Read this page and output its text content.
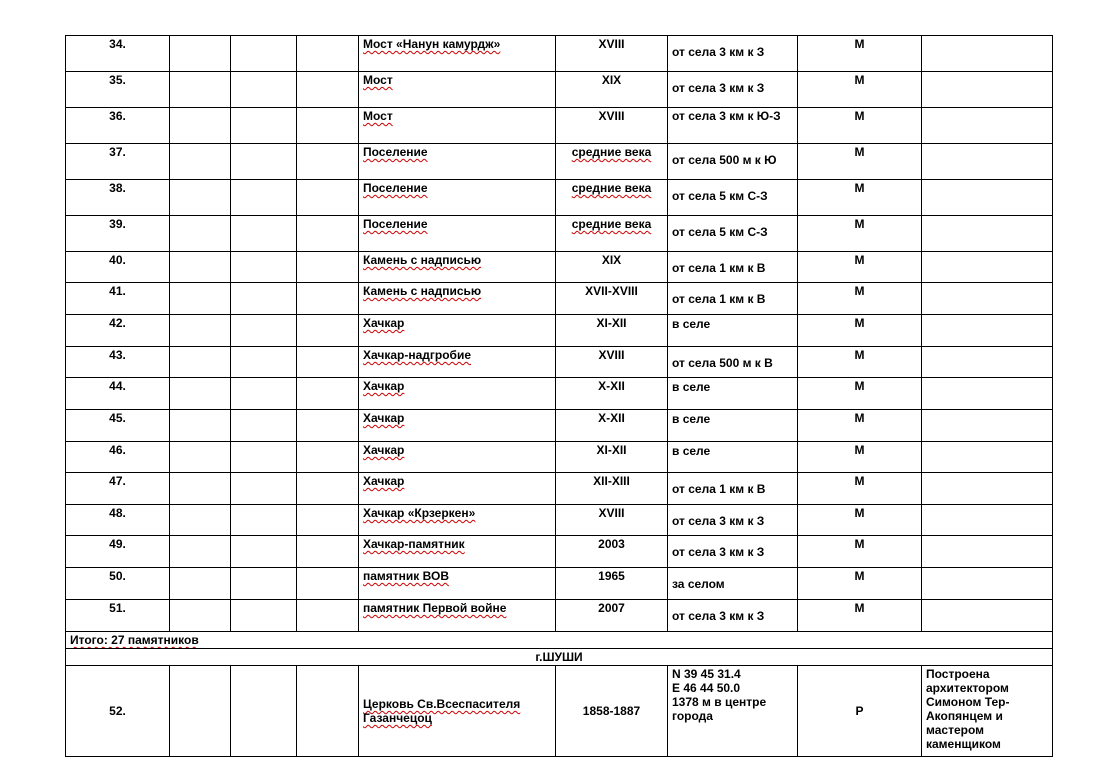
34.				Мост «Нанун камурдж»	XVIII	от села 3 км к З	М	
35.				Мост	XIX	от села 3 км к З	М	
36.				Мост	XVIII	от села 3 км к Ю-З	М	
37.				Поселение	средние века	от села 500 м к Ю	М	
38.				Поселение	средние века	от села 5 км С-З	М	
39.				Поселение	средние века	от села 5 км С-З	М	
40.				Камень с надписью	XIX	от села 1 км к В	М	
41.				Камень с надписью	XVII-XVIII	от села 1 км к В	М	
42.				Хачкар	XI-XII	в селе	М	
43.				Хачкар-надгробие	XVIII	от села 500 м к В	М	
44.				Хачкар	X-XII	в селе	М	
45.				Хачкар	X-XII	в селе	М	
46.				Хачкар	XI-XII	в селе	М	
47.				Хачкар	XII-XIII	от села 1 км к В	М	
48.				Хачкар «Крзеркен»	XVIII	от села 3 км к З	М	
49.				Хачкар-памятник	2003	от села 3 км к З	М	
50.				памятник ВОВ	1965	за селом	М	
51.				памятник Первой войне	2007	от села 3 км к З	М	
Итого: 27 памятников								
г.ШУШИ								
52.				Церковь Св.Всеспасителя Газанчецоц	1858-1887	N 39 45 31.4
E 46 44 50.0
1378 м в центре города	Р	Построена архитектором Симоном Тер-Акопянцем и мастером каменщиком
